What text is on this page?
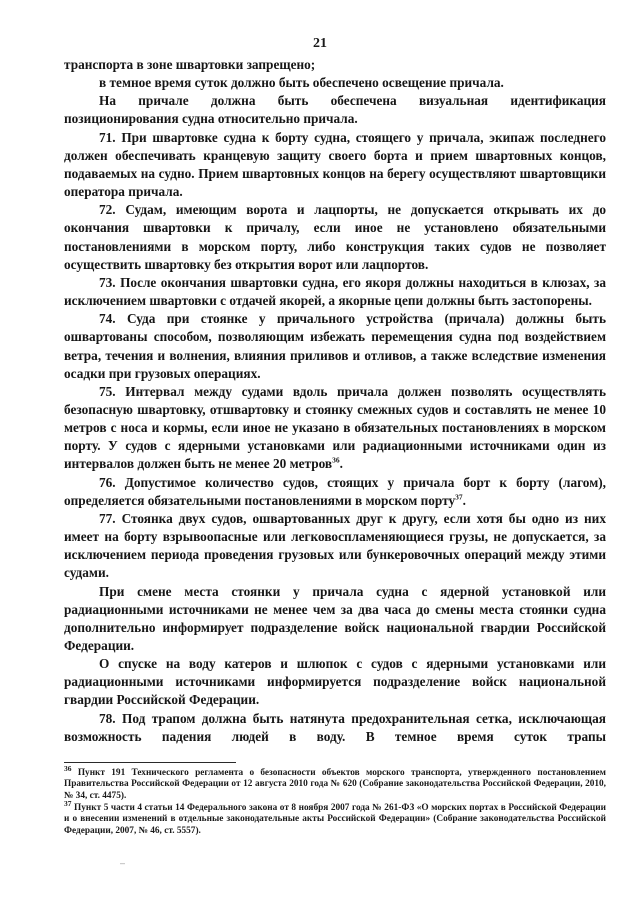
21

транспорта в зоне швартовки запрещено;

в темное время суток должно быть обеспечено освещение причала.

На причале должна быть обеспечена визуальная идентификация позиционирования судна относительно причала.

71. При швартовке судна к борту судна, стоящего у причала, экипаж последнего должен обеспечивать кранцевую защиту своего борта и прием швартовных концов, подаваемых на судно. Прием швартовных концов на берегу осуществляют швартовщики оператора причала.

72. Судам, имеющим ворота и лацпорты, не допускается открывать их до окончания швартовки к причалу, если иное не установлено обязательными постановлениями в морском порту, либо конструкция таких судов не позволяет осуществить швартовку без открытия ворот или лацпортов.

73. После окончания швартовки судна, его якоря должны находиться в клюзах, за исключением швартовки с отдачей якорей, а якорные цепи должны быть застопорены.

74. Суда при стоянке у причального устройства (причала) должны быть ошвартованы способом, позволяющим избежать перемещения судна под воздействием ветра, течения и волнения, влияния приливов и отливов, а также вследствие изменения осадки при грузовых операциях.

75. Интервал между судами вдоль причала должен позволять осуществлять безопасную швартовку, отшвартовку и стоянку смежных судов и составлять не менее 10 метров с носа и кормы, если иное не указано в обязательных постановлениях в морском порту. У судов с ядерными установками или радиационными источниками один из интервалов должен быть не менее 20 метров$^{36}$.

76. Допустимое количество судов, стоящих у причала борт к борту (лагом), определяется обязательными постановлениями в морском порту$^{37}$.

77. Стоянка двух судов, ошвартованных друг к другу, если хотя бы одно из них имеет на борту взрывоопасные или легковоспламеняющиеся грузы, не допускается, за исключением периода проведения грузовых или бункеровочных операций между этими судами.

При смене места стоянки у причала судна с ядерной установкой или радиационными источниками не менее чем за два часа до смены места стоянки судна дополнительно информирует подразделение войск национальной гвардии Российской Федерации.

О спуске на воду катеров и шлюпок с судов с ядерными установками или радиационными источниками информируется подразделение войск национальной гвардии Российской Федерации.

78. Под трапом должна быть натянута предохранительная сетка, исключающая возможность падения людей в воду. В темное время суток трапы

$^{36}$ Пункт 191 Технического регламента о безопасности объектов морского транспорта, утвержденного постановлением Правительства Российской Федерации от 12 августа 2010 года № 620 (Собрание законодательства Российской Федерации, 2010, № 34, ст. 4475).

$^{37}$ Пункт 5 части 4 статьи 14 Федерального закона от 8 ноября 2007 года № 261-ФЗ «О морских портах в Российской Федерации и о внесении изменений в отдельные законодательные акты Российской Федерации» (Собрание законодательства Российской Федерации, 2007, № 46, ст. 5557).

–
